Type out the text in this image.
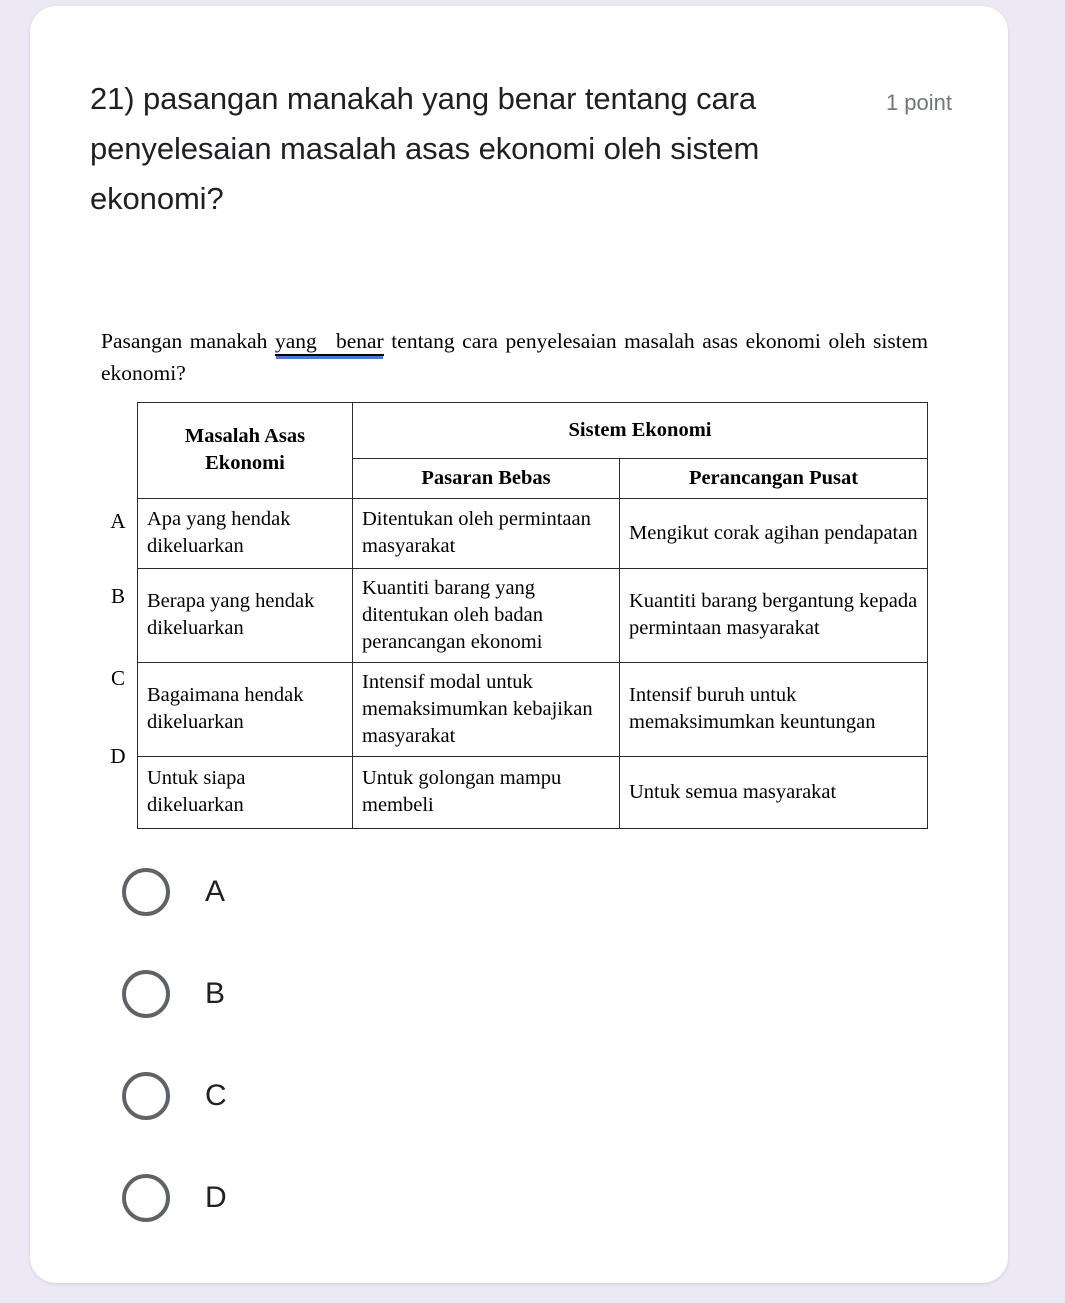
21) pasangan manakah yang benar tentang cara penyelesaian masalah asas ekonomi oleh sistem ekonomi?
1 point

Pasangan manakah yang benar tentang cara penyelesaian masalah asas ekonomi oleh sistem ekonomi?

A
B
C
D
Masalah Asas Ekonomi	Sistem Ekonomi	
	Pasaran Bebas	Perancangan Pusat
Apa yang hendak dikeluarkan	Ditentukan oleh permintaan masyarakat	Mengikut corak agihan pendapatan
Berapa yang hendak dikeluarkan	Kuantiti barang yang ditentukan oleh badan perancangan ekonomi	Kuantiti barang bergantung kepada permintaan masyarakat
Bagaimana hendak dikeluarkan	Intensif modal untuk memaksimumkan kebajikan masyarakat	Intensif buruh untuk memaksimumkan keuntungan
Untuk siapa dikeluarkan	Untuk golongan mampu membeli	Untuk semua masyarakat
A
B
C
D
